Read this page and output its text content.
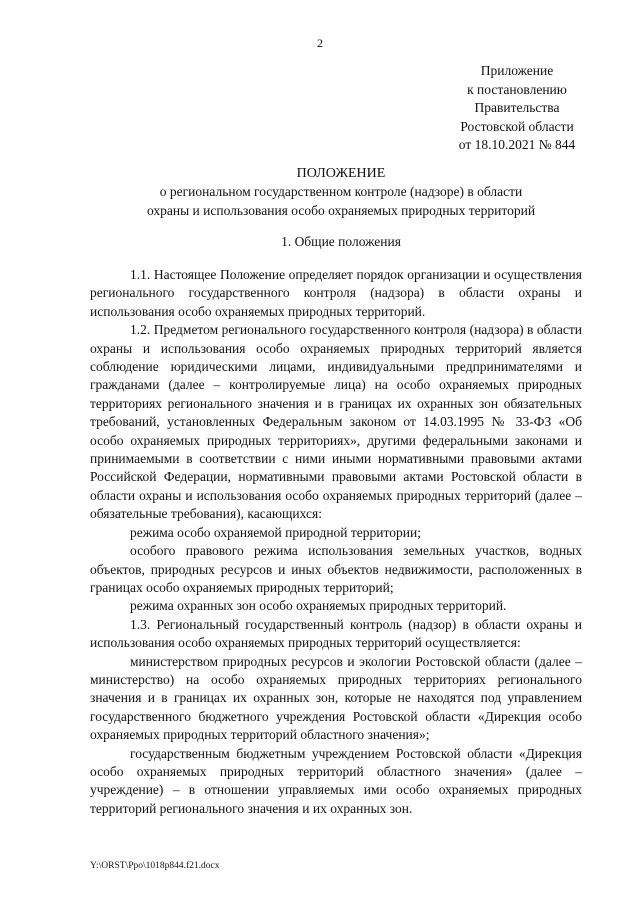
2
Приложение
к постановлению
Правительства
Ростовской области
от 18.10.2021 № 844
ПОЛОЖЕНИЕ
о региональном государственном контроле (надзоре) в области
охраны и использования особо охраняемых природных территорий
1. Общие положения

1.1. Настоящее Положение определяет порядок организации и осуществления регионального государственного контроля (надзора) в области охраны и использования особо охраняемых природных территорий.

1.2. Предметом регионального государственного контроля (надзора) в области охраны и использования особо охраняемых природных территорий является соблюдение юридическими лицами, индивидуальными предпринимателями и гражданами (далее – контролируемые лица) на особо охраняемых природных территориях регионального значения и в границах их охранных зон обязательных требований, установленных Федеральным законом от 14.03.1995 № 33-ФЗ «Об особо охраняемых природных территориях», другими федеральными законами и принимаемыми в соответствии с ними иными нормативными правовыми актами Российской Федерации, нормативными правовыми актами Ростовской области в области охраны и использования особо охраняемых природных территорий (далее – обязательные требования), касающихся:

режима особо охраняемой природной территории;

особого правового режима использования земельных участков, водных объектов, природных ресурсов и иных объектов недвижимости, расположенных в границах особо охраняемых природных территорий;

режима охранных зон особо охраняемых природных территорий.

1.3. Региональный государственный контроль (надзор) в области охраны и использования особо охраняемых природных территорий осуществляется:

министерством природных ресурсов и экологии Ростовской области (далее – министерство) на особо охраняемых природных территориях регионального значения и в границах их охранных зон, которые не находятся под управлением государственного бюджетного учреждения Ростовской области «Дирекция особо охраняемых природных территорий областного значения»;

государственным бюджетным учреждением Ростовской области «Дирекция особо охраняемых природных территорий областного значения» (далее – учреждение) – в отношении управляемых ими особо охраняемых природных территорий регионального значения и их охранных зон.

Y:\ORST\Ppo\1018p844.f21.docx
